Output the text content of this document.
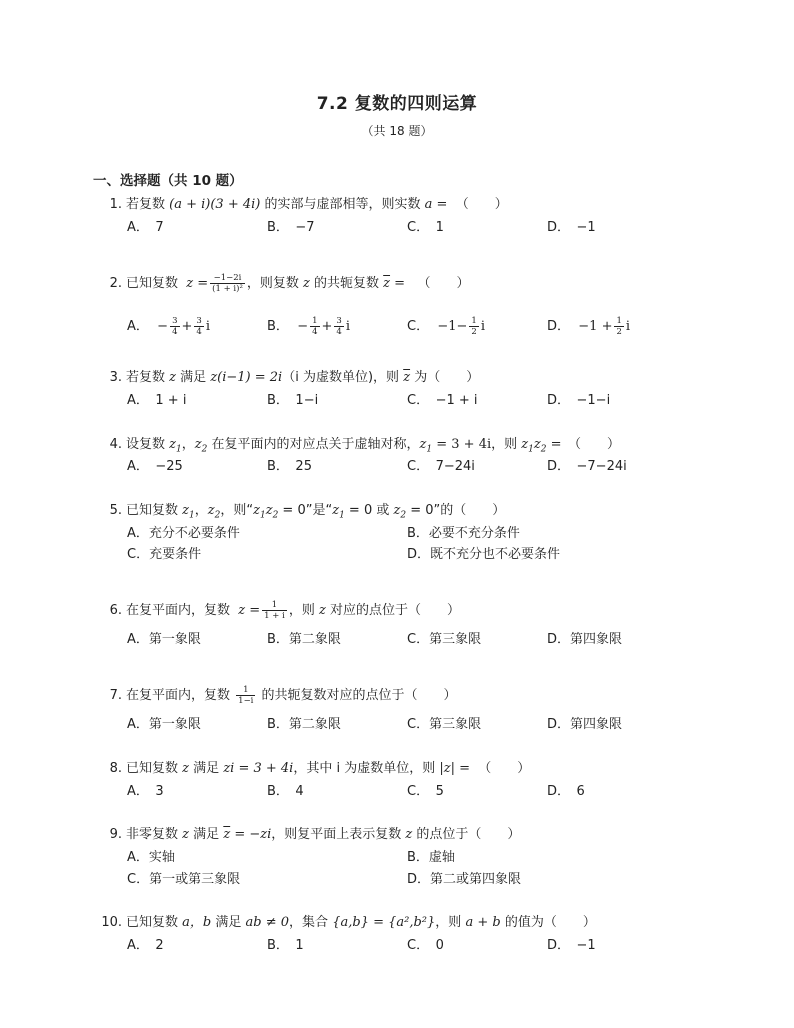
7.2 复数的四则运算
（共 18 题）
一、选择题（共 10 题）
1. 若复数 (a + i)(3 + 4i) 的实部与虚部相等，则实数 a = （　　）
A．　7	B．　−7	C．　1	D．　−1
2. 已知复数 $z = \frac{-1-2i}{\text{(1 + i)²}}$ ，则复数 z 的共轭复数 $\overline{z}$ = （　　）
A． − $\frac{3}{4} + \frac{3}{4}$ i	B． − $\frac{1}{4} + \frac{3}{4}$ i	C． $-1- \frac{1}{2}$ i	D． $-1 + \frac{1}{2}$ i
3. 若复数 z 满足 z(i−1) = 2i（i 为虚数单位)，则 $\overline{z}$ 为（　　）
A．　1 + i	B．　1−i	C．　−1 + i	D．　−1−i
4. 设复数 $z_1$，$z_2$ 在复平面内的对应点关于虚轴对称，$z_1 = 3 + 4i$，则 $z_1z_2$ =　（　　）
A．　−25	B．　25	C．　7−24i	D．　−7−24i
5. 已知复数 $z_1$，$z_2$，则“$z_1z_2 = 0$”是“$z_1 = 0$ 或 $z_2 = 0$”的（　　）
A．充分不必要条件	B．必要不充分条件
C．充要条件	D．既不充分也不必要条件
6. 在复平面内，复数 $z = \frac{1}{1 + i}$ ，则 z 对应的点位于（　　）
A．第一象限	B．第二象限	C．第三象限	D．第四象限
7. 在复平面内，复数 $\frac{1}{1-i}$ 的共轭复数对应的点位于（　　）
A．第一象限	B．第二象限	C．第三象限	D．第四象限
8. 已知复数 z 满足 zi = 3 + 4i，其中 i 为虚数单位，则 |z| = （　　）
A．　3	B．　4	C．　5	D．　6
9. 非零复数 z 满足 $\overline{z} = -zi$，则复平面上表示复数 z 的点位于（　　）
A．实轴	B．虚轴
C．第一或第三象限	D．第二或第四象限
10. 已知复数 a，b 满足 ab ≠ 0，集合 {a,b} = {a²,b²}，则 a + b 的值为（　　）
A．　2	B．　1	C．　0	D．　−1
